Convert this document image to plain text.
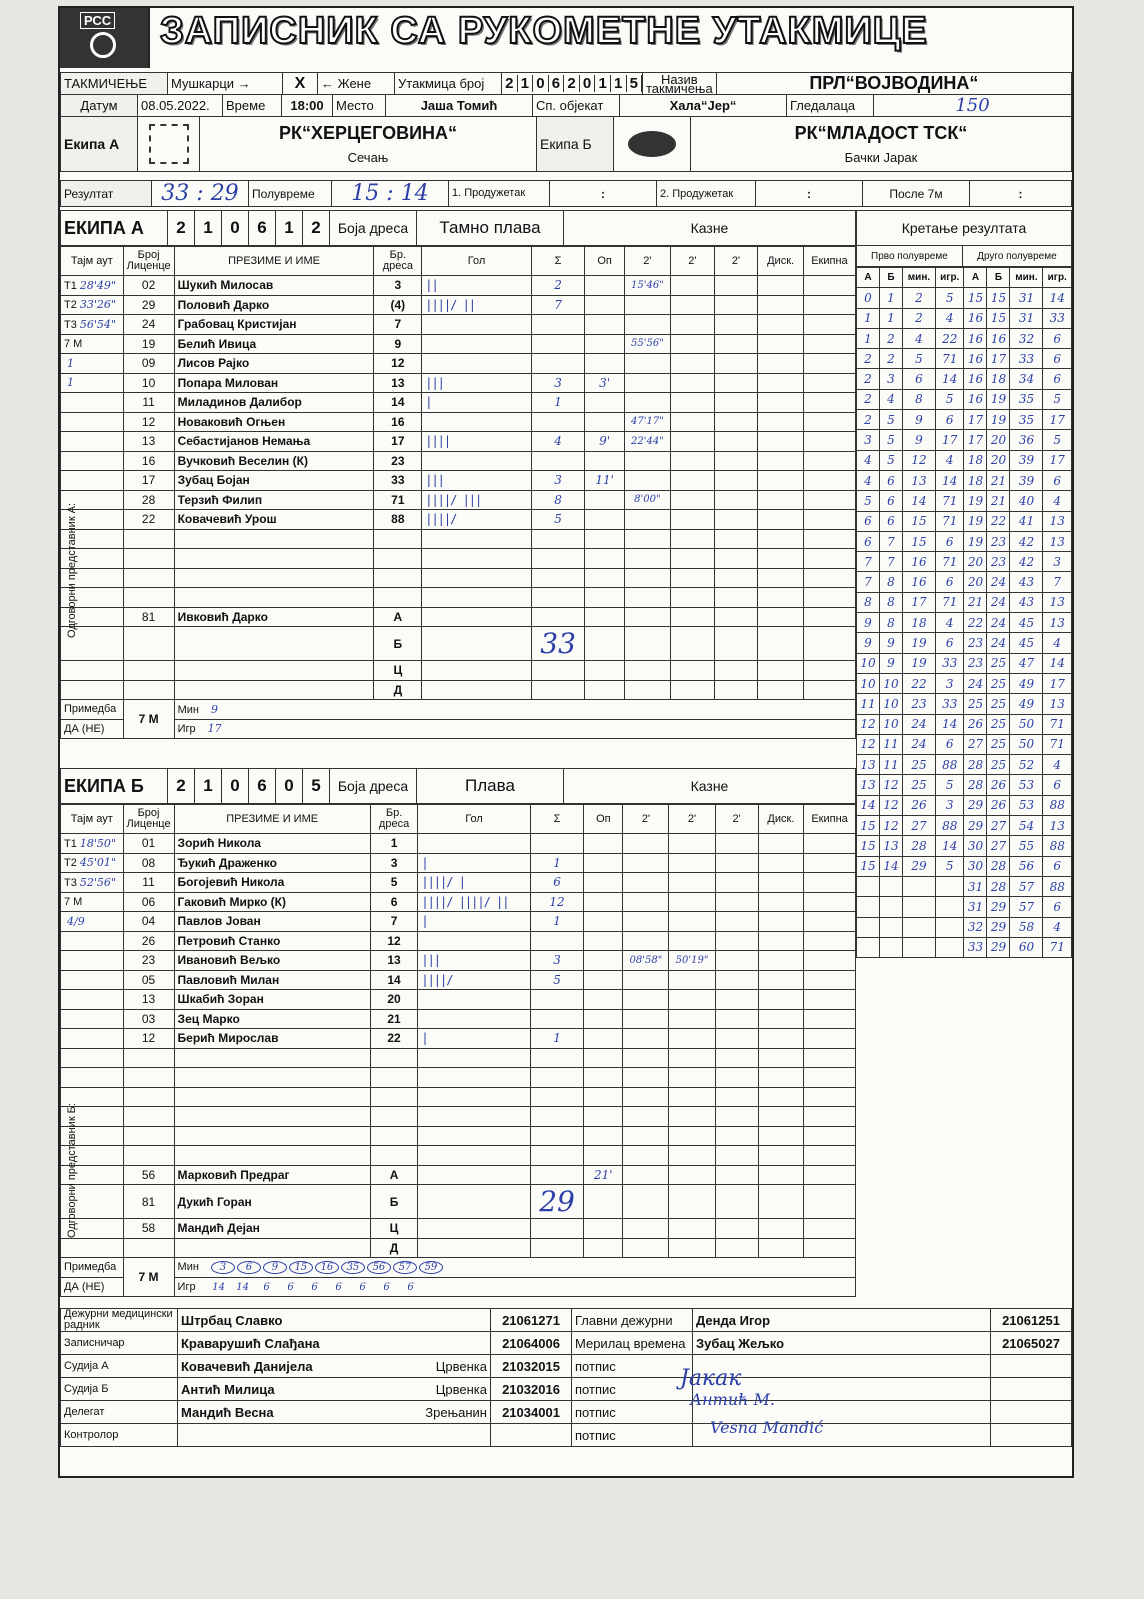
РСС ЗАПИСНИК СА РУКОМЕТНЕ УТАКМИЦЕ
ТАКМИЧЕЊЕ	Мушкарци →	X	← Жене	Утакмица број	2 1 0 6 2 0 1 1 5	Назив такмичења	ПРЛ“ВОЈВОДИНА“
Датум	08.05.2022.	Време	18:00	Место	Јаша Томић	Сп. објекат	Хала“Јер“	Гледалаца	150
Екипа А	

РК“ХЕРЦЕГОВИНА“
Сечањ
	Екипа Б	

РК“МЛАДОСТ ТСК“
Бачки Јарак
Резултат	33 : 29	Полувреме	15 : 14	1. Продужетак	:	2. Продужетак	:	После 7м	:
ЕКИПА А	2	1	0	6	1	2	Боја дреса	Тамно плава	Казне
Тајм аут	Број Лиценце	ПРЕЗИМЕ И ИМЕ	Бр. дреса	Гол	Σ	Оп	2'	2'	2'	Диск.	Екипна
Т1 28'49"	02	Шукић Милосав	3	||	2		15'46"				
Т2 33'26"	29	Половић Дарко	(4)	||||/ ||	7						
Т3 56'54"	24	Грабовац Кристијан	7								
7 М	19	Белић Ивица	9				55'56"				
1	09	Лисов Рајко	12								
1	10	Попара Милован	13	|||	3	3'					
	11	Миладинов Далибор	14	|	1						
	12	Новаковић Огњен	16				47'17"				
	13	Себастијанов Немања	17	||||	4	9'	22'44"				
	16	Вучковић Веселин (К)	23								
	17	Зубац Бојан	33	|||	3	11'					
	28	Терзић Филип	71	||||/ |||	8		8'00"				
	22	Ковачевић Урош	88	||||/	5						

	81	Ивковић Дарко	А								
			Б		33						
			Ц								
			Д								
Примедба	7 М	Мин 9									
ДА (НЕ)		Игр 17									
ЕКИПА Б	2	1	0	6	0	5	Боја дреса	Плава	Казне
Тајм аут	Број Лиценце	ПРЕЗИМЕ И ИМЕ	Бр. дреса	Гол	Σ	Оп	2'	2'	2'	Диск.	Екипна
Т1 18'50"	01	Зорић Никола	1								
Т2 45'01"	08	Ђукић Драженко	3	|	1						
Т3 52'56"	11	Богојевић Никола	5	||||/ |	6						
7 М	06	Гаковић Мирко (К)	6	||||/ ||||/ ||	12						
4/9	04	Павлов Јован	7	|	1						
	26	Петровић Станко	12								
	23	Ивановић Вељко	13	|||	3		08'58"	50'19"			
	05	Павловић Милан	14	||||/	5						
	13	Шкабић Зоран	20								
	03	Зец Марко	21								
	12	Берић Мирослав	22	|	1						

	56	Марковић Предраг	А			21'					
	81	Дукић Горан	Б		29						
	58	Мандић Дејан	Ц								
			Д								
Примедба	7 М	Мин 3 6 9 15 16 35 56 57 59									
ДА (НЕ)		Игр 14 14 6 6 6 6 6 6 6									
Кретање резултата
Прво полувреме	Друго полувреме
А	Б	мин.	игр.	А	Б	мин.	игр.
0	1	2	5	15	15	31	14
1	1	2	4	16	15	31	33
1	2	4	22	16	16	32	6
2	2	5	71	16	17	33	6
2	3	6	14	16	18	34	6
2	4	8	5	16	19	35	5
2	5	9	6	17	19	35	17
3	5	9	17	17	20	36	5
4	5	12	4	18	20	39	17
4	6	13	14	18	21	39	6
5	6	14	71	19	21	40	4
6	6	15	71	19	22	41	13
6	7	15	6	19	23	42	13
7	7	16	71	20	23	42	3
7	8	16	6	20	24	43	7
8	8	17	71	21	24	43	13
9	8	18	4	22	24	45	13
9	9	19	6	23	24	45	4
10	9	19	33	23	25	47	14
10	10	22	3	24	25	49	17
11	10	23	33	25	25	49	13
12	10	24	14	26	25	50	71
12	11	24	6	27	25	50	71
13	11	25	88	28	25	52	4
13	12	25	5	28	26	53	6
14	12	26	3	29	26	53	88
15	12	27	88	29	27	54	13
15	13	28	14	30	27	55	88
15	14	29	5	30	28	56	6
				31	28	57	88
				31	29	57	6
				32	29	58	4
				33	29	60	71
Дежурни медицински радник	Штрбац Славко		21061271	Главни дежурни	Денда Игор	21061251
Записничар	Краварушић Слађана		21064006	Мерилац времена	Зубац Жељко	21065027
Судија А	Ковачевић Данијела	Црвенка	21032015	потпис		
Судија Б	Антић Милица	Црвенка	21032016	потпис		
Делегат	Мандић Весна	Зрењанин	21034001	потпис		
Контролор				потпис		
Одговорни представник А:
Одговорни представник Б:
Јакак
Антић М.
Vesna Mandić
